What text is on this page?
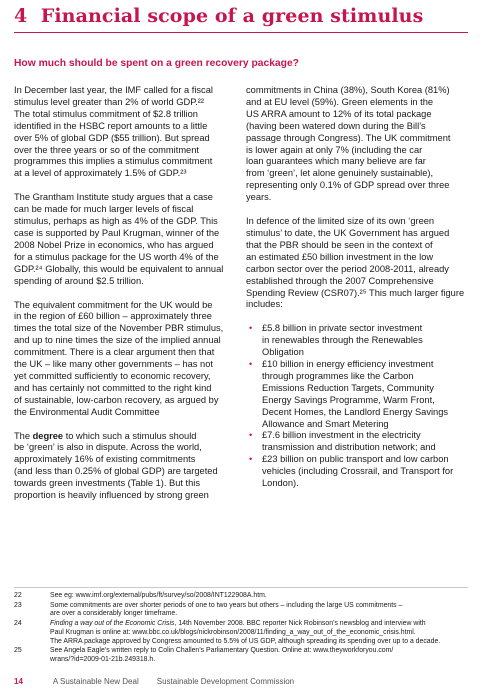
4 Financial scope of a green stimulus
How much should be spent on a green recovery package?

In December last year, the IMF called for a fiscal
stimulus level greater than 2% of world GDP.²²
The total stimulus commitment of $2.8 trillion
identified in the HSBC report amounts to a little
over 5% of global GDP ($55 trillion). But spread
over the three years or so of the commitment
programmes this implies a stimulus commitment
at a level of approximately 1.5% of GDP.²³

The Grantham Institute study argues that a case
can be made for much larger levels of fiscal
stimulus, perhaps as high as 4% of the GDP. This
case is supported by Paul Krugman, winner of the
2008 Nobel Prize in economics, who has argued
for a stimulus package for the US worth 4% of the
GDP.²⁴ Globally, this would be equivalent to annual
spending of around $2.5 trillion.

The equivalent commitment for the UK would be
in the region of £60 billion – approximately three
times the total size of the November PBR stimulus,
and up to nine times the size of the implied annual
commitment. There is a clear argument then that
the UK – like many other governments – has not
yet committed sufficiently to economic recovery,
and has certainly not committed to the right kind
of sustainable, low-carbon recovery, as argued by
the Environmental Audit Committee

The degree to which such a stimulus should
be ‘green’ is also in dispute. Across the world,
approximately 16% of existing commitments
(and less than 0.25% of global GDP) are targeted
towards green investments (Table 1). But this
proportion is heavily influenced by strong green

commitments in China (38%), South Korea (81%)
and at EU level (59%). Green elements in the
US ARRA amount to 12% of its total package
(having been watered down during the Bill’s
passage through Congress). The UK commitment
is lower again at only 7% (including the car
loan guarantees which many believe are far
from ‘green’, let alone genuinely sustainable),
representing only 0.1% of GDP spread over three
years.

In defence of the limited size of its own ‘green
stimulus’ to date, the UK Government has argued
that the PBR should be seen in the context of
an estimated £50 billion investment in the low
carbon sector over the period 2008-2011, already
established through the 2007 Comprehensive
Spending Review (CSR07).²⁵ This much larger figure
includes:

• £5.8 billion in private sector investment
in renewables through the Renewables
Obligation
• £10 billion in energy efficiency investment
through programmes like the Carbon
Emissions Reduction Targets, Community
Energy Savings Programme, Warm Front,
Decent Homes, the Landlord Energy Savings
Allowance and Smart Metering
• £7.6 billion investment in the electricity
transmission and distribution network; and
• £23 billion on public transport and low carbon
vehicles (including Crossrail, and Transport for
London).
22	See eg: www.imf.org/external/pubs/ft/survey/so/2008/INT122908A.htm.
23	Some commitments are over shorter periods of one to two years but others – including the large US commitments –
are over a considerably longer timeframe.
24	Finding a way out of the Economic Crisis, 14th November 2008. BBC reporter Nick Robinson’s newsblog and interview with
Paul Krugman is online at: www.bbc.co.uk/blogs/nickrobinson/2008/11/finding_a_way_out_of_the_economic_crisis.html.
The ARRA package approved by Congress amounted to 5.5% of US GDP, although spreading its spending over up to a decade.
25	See Angela Eagle’s written reply to Colin Challen’s Parliamentary Question. Online at: www.theyworkforyou.com/
wrans/?id=2009-01-21b.249318.h.
14	A Sustainable New Deal Sustainable Development Commission
